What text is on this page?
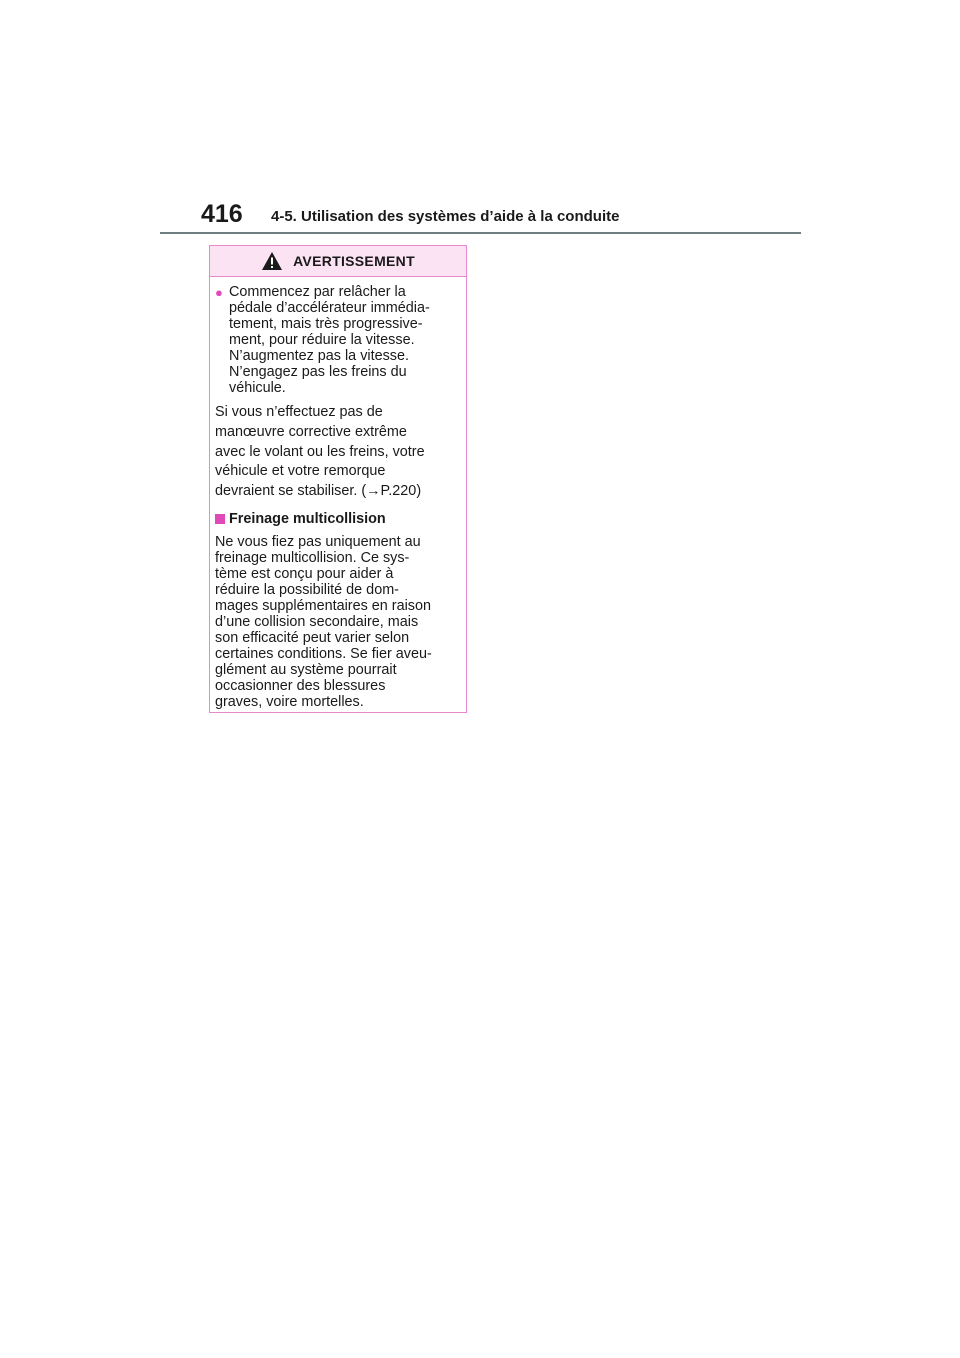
416 4-5. Utilisation des systèmes d’aide à la conduite
AVERTISSEMENT
● Commencez par relâcher la
pédale d’accélérateur immédia-
tement, mais très progressive-
ment, pour réduire la vitesse.
N’augmentez pas la vitesse.
N’engagez pas les freins du
véhicule.
Si vous n’effectuez pas de
manœuvre corrective extrême
avec le volant ou les freins, votre
véhicule et votre remorque
devraient se stabiliser. (→P.220)
Freinage multicollision
Ne vous fiez pas uniquement au
freinage multicollision. Ce sys-
tème est conçu pour aider à
réduire la possibilité de dom-
mages supplémentaires en raison
d’une collision secondaire, mais
son efficacité peut varier selon
certaines conditions. Se fier aveu-
glément au système pourrait
occasionner des blessures
graves, voire mortelles.
